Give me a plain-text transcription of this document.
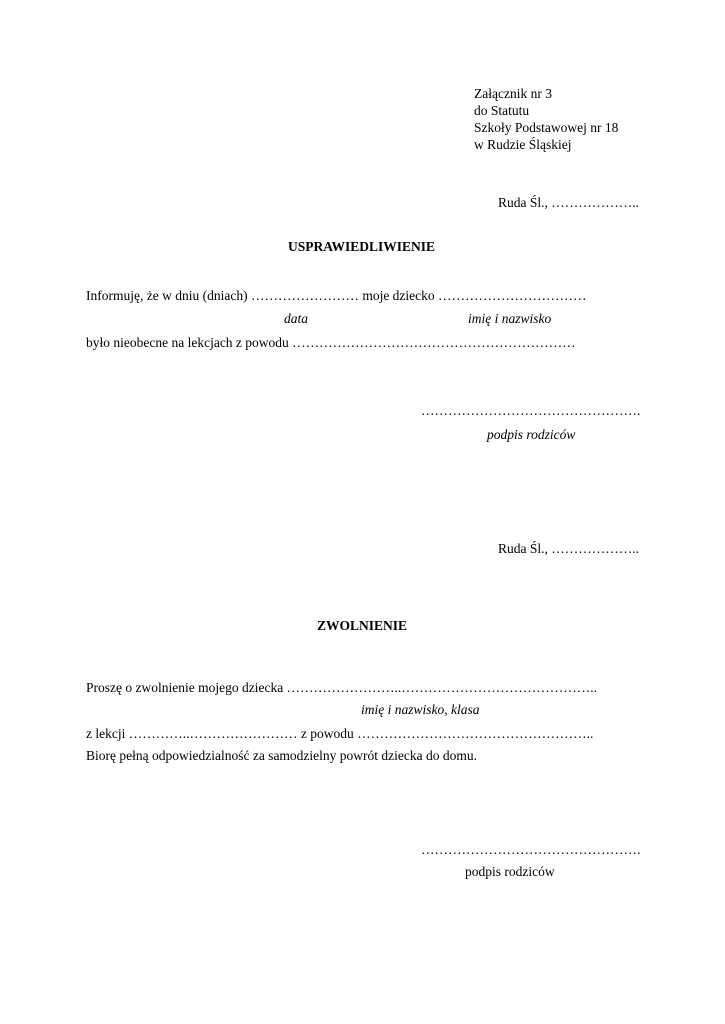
Załącznik nr 3
do Statutu
Szkoły Podstawowej nr 18
w Rudzie Śląskiej
Ruda Śl., ………………..
USPRAWIEDLIWIENIE
Informuję, że w dniu (dniach) …………………… moje dziecko ……………………………
data	imię i nazwisko
było nieobecne na lekcjach z powodu ………………………………………………………
………………………………………….
podpis rodziców
Ruda Śl., ………………..
ZWOLNIENIE
Proszę o zwolnienie mojego dziecka ……………………..……………………………………..
imię i nazwisko, klasa
z lekcji …………..…………………… z powodu ……………………………………………..
Biorę pełną odpowiedzialność za samodzielny powrót dziecka do domu.
………………………………………….
podpis rodziców
